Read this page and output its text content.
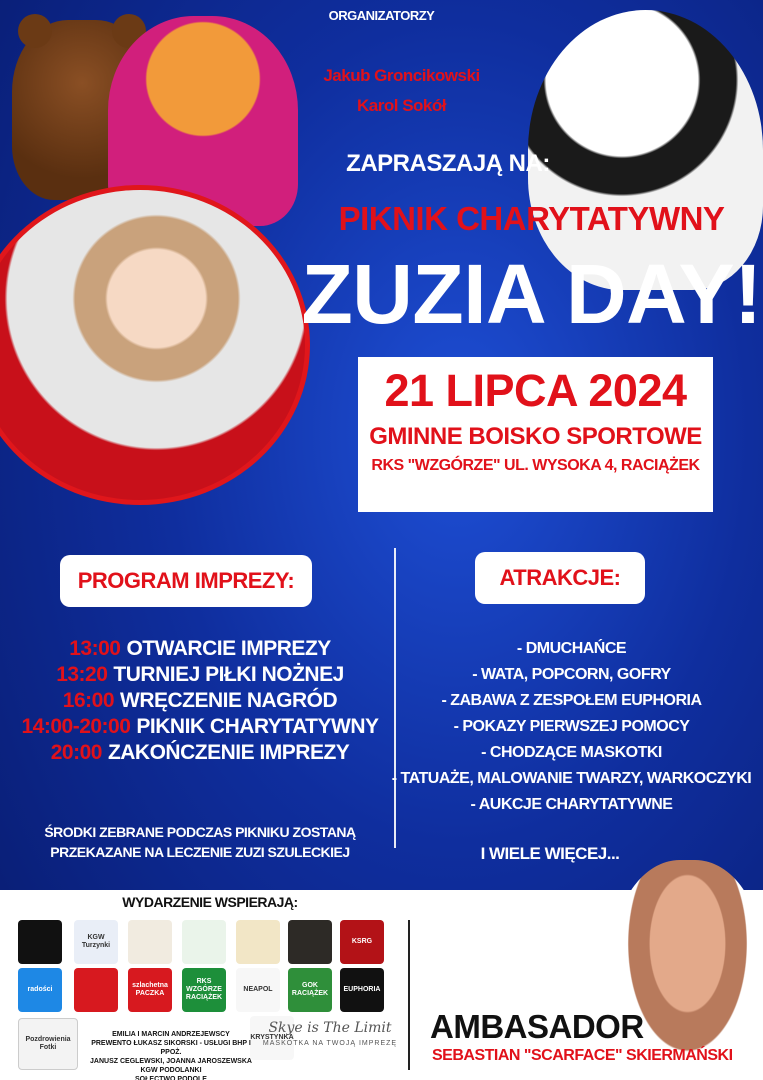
ORGANIZATORZY
Jakub Groncikowski
Karol Sokół
ZAPRASZAJĄ NA:
PIKNIK CHARYTATYWNY
ZUZIA DAY!
21 LIPCA 2024
GMINNE BOISKO SPORTOWE
RKS "WZGÓRZE" UL. WYSOKA 4, RACIĄŻEK
PROGRAM IMPREZY:	ATRAKCJE:
13:00 OTWARCIE IMPREZY
13:20 TURNIEJ PIŁKI NOŻNEJ
16:00 WRĘCZENIE NAGRÓD
14:00-20:00 PIKNIK CHARYTATYWNY
20:00 ZAKOŃCZENIE IMPREZY
- DMUCHAŃCE
- WATA, POPCORN, GOFRY
- ZABAWA Z ZESPOŁEM EUPHORIA
- POKAZY PIERWSZEJ POMOCY
- CHODZĄCE MASKOTKI
- TATUAŻE, MALOWANIE TWARZY, WARKOCZYKI
- AUKCJE CHARYTATYWNE
ŚRODKI ZEBRANE PODCZAS PIKNIKU ZOSTANĄ
PRZEKAZANE NA LECZENIE ZUZI SZULECKIEJ	I WIELE WIĘCEJ...
WYDARZENIE WSPIERAJĄ:
KGW Turzynki
KSRG
radości
szlachetna PACZKA
RKS WZGÓRZE RACIĄŻEK
NEAPOL
GOK RACIĄŻEK
EUPHORIA
KRYSTYNKA
Pozdrowienia Fotki
EMILIA I MARCIN ANDRZEJEWSCY
PREWENTO ŁUKASZ SIKORSKI - USŁUGI BHP I PPOŻ.
JANUSZ CEGLEWSKI, JOANNA JAROSZEWSKA
KGW PODOLANKI
SOŁECTWO PODOLE
Skye is The Limit
MASKOTKA NA TWOJĄ IMPREZĘ AMBASADOR
SEBASTIAN "SCARFACE" SKIERMAŃSKI
